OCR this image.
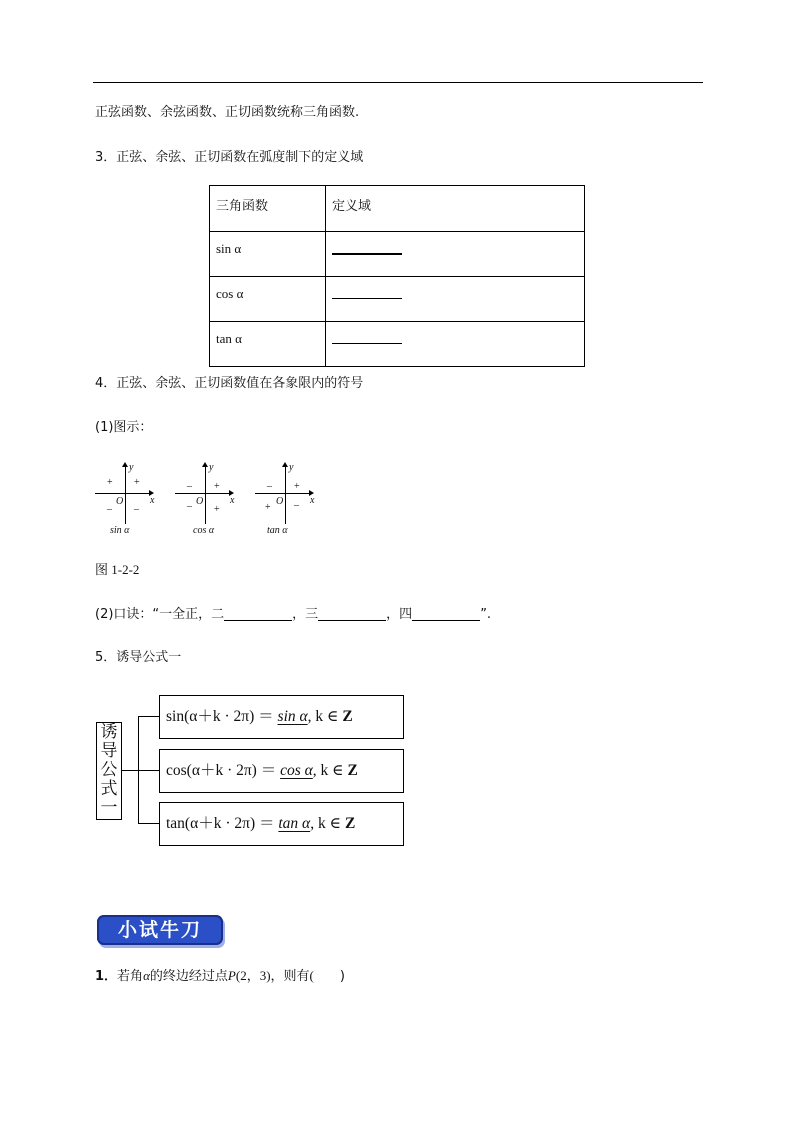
正弦函数、余弦函数、正切函数统称三角函数.
3．正弦、余弦、正切函数在弧度制下的定义域
三角函数	定义域

sin α	

cos α	

tan α	

4．正弦、余弦、正切函数值在各象限内的符号
(1)图示：
y
x
O
+
+
– –
sin α
y
x
O
+
–
– +
cos α
y
x
O
+
–
+ –
tan α
图 1-2-2
(2)口诀：“一全正，二	，三	，四	”.
5．诱导公式一
诱
导
公
式
一
sin(α＋k · 2π) ＝ sin α, k ∈ Z
cos(α＋k · 2π) ＝ cos α, k ∈ Z
tan(α＋k · 2π) ＝ tan α, k ∈ Z
小试牛刀
1．若角α的终边经过点P(2，3)，则有(　　)
